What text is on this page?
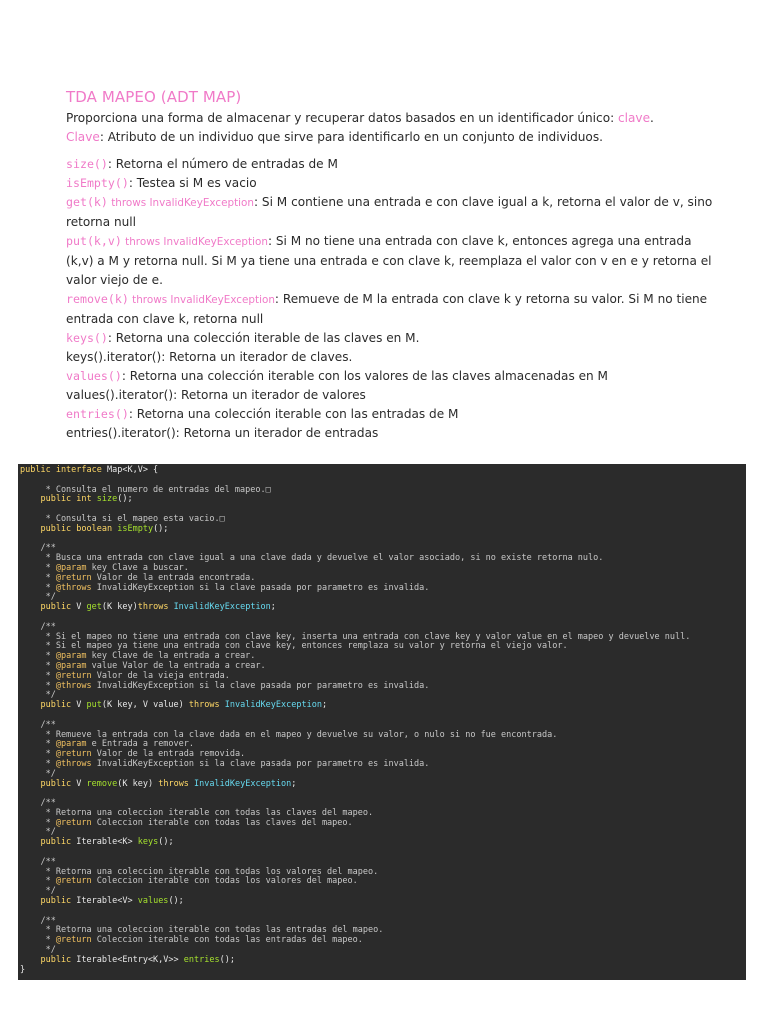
TDA MAPEO (ADT MAP)
Proporciona una forma de almacenar y recuperar datos basados en un identificador único: clave.
Clave: Atributo de un individuo que sirve para identificarlo en un conjunto de individuos.
size(): Retorna el número de entradas de M
isEmpty(): Testea si M es vacio
get(k) throws InvalidKeyException: Si M contiene una entrada e con clave igual a k, retorna el valor de v, sino retorna null
put(k,v) throws InvalidKeyException: Si M no tiene una entrada con clave k, entonces agrega una entrada (k,v) a M y retorna null. Si M ya tiene una entrada e con clave k, reemplaza el valor con v en e y retorna el valor viejo de e.
remove(k) throws InvalidKeyException: Remueve de M la entrada con clave k y retorna su valor. Si M no tiene entrada con clave k, retorna null
keys(): Retorna una colección iterable de las claves en M.
keys().iterator(): Retorna un iterador de claves.
values(): Retorna una colección iterable con los valores de las claves almacenadas en M
values().iterator(): Retorna un iterador de valores
entries(): Retorna una colección iterable con las entradas de M
entries().iterator(): Retorna un iterador de entradas
public interface Map<K,V> {

* Consulta el numero de entradas del mapeo.□
public int size();

* Consulta si el mapeo esta vacio.□
public boolean isEmpty();

/**
* Busca una entrada con clave igual a una clave dada y devuelve el valor asociado, si no existe retorna nulo.
* @param key Clave a buscar.
* @return Valor de la entrada encontrada.
* @throws InvalidKeyException si la clave pasada por parametro es invalida.
*/
public V get(K key)throws InvalidKeyException;

/**
* Si el mapeo no tiene una entrada con clave key, inserta una entrada con clave key y valor value en el mapeo y devuelve null.
* Si el mapeo ya tiene una entrada con clave key, entonces remplaza su valor y retorna el viejo valor.
* @param key Clave de la entrada a crear.
* @param value Valor de la entrada a crear.
* @return Valor de la vieja entrada.
* @throws InvalidKeyException si la clave pasada por parametro es invalida.
*/
public V put(K key, V value) throws InvalidKeyException;

/**
* Remueve la entrada con la clave dada en el mapeo y devuelve su valor, o nulo si no fue encontrada.
* @param e Entrada a remover.
* @return Valor de la entrada removida.
* @throws InvalidKeyException si la clave pasada por parametro es invalida.
*/
public V remove(K key) throws InvalidKeyException;

/**
* Retorna una coleccion iterable con todas las claves del mapeo.
* @return Coleccion iterable con todas las claves del mapeo.
*/
public Iterable<K> keys();

/**
* Retorna una coleccion iterable con todas los valores del mapeo.
* @return Coleccion iterable con todas los valores del mapeo.
*/
public Iterable<V> values();

/**
* Retorna una coleccion iterable con todas las entradas del mapeo.
* @return Coleccion iterable con todas las entradas del mapeo.
*/
public Iterable<Entry<K,V>> entries();
}
